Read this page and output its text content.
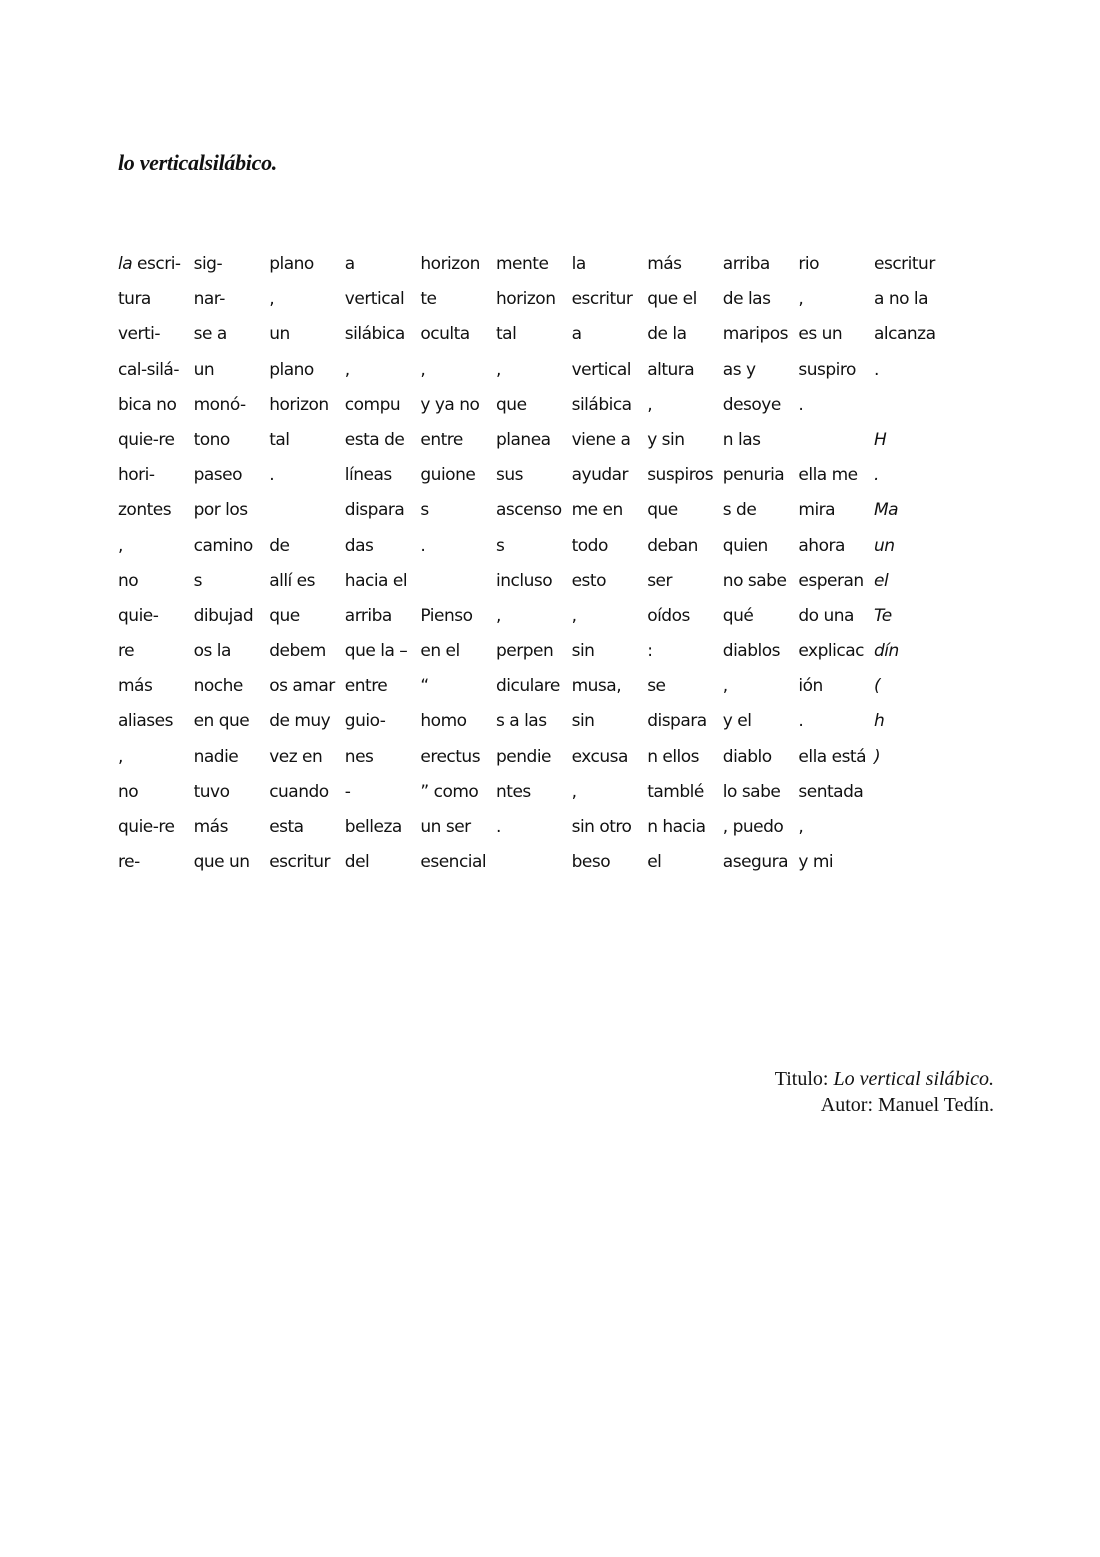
lo verticalsilábico.
la escri-
tura
verti-
cal-silá-
bica no
quie-re
hori-
zontes
,
no
quie-
re
más
aliases
,
no
quie-re
re-
sig-
nar-
se a
un
monó-
tono
paseo
por los
camino
s
dibujad
os la
noche
en que
nadie
tuvo
más
que un
plano
,
un
plano
horizon
tal
.
de
allí es
que
debem
os amar
de muy
vez en
cuando
esta
escritur
a
vertical
silábica
,
compu
esta de
líneas
dispara
das
hacia el
arriba
que la –
entre
guio-
nes
-
belleza
del
horizon
te
oculta
,
y ya no
entre
guione
s
.
Pienso
en el
“
homo
erectus
” como
un ser
esencial
mente
horizon
tal
,
que
planea
sus
ascenso
s
incluso
,
perpen
diculare
s a las
pendie
ntes
.
la
escritur
a
vertical
silábica
viene a
ayudar
me en
todo
esto
,
sin
musa,
sin
excusa
,
sin otro
beso
más
que el
de la
altura
,
y sin
suspiros
que
deban
ser
oídos
:
se
dispara
n ellos
tamblé
n hacia
el
arriba
de las
maripos
as y
desoye
n las
penuria
s de
quien
no sabe
qué
diablos
,
y el
diablo
lo sabe
, puedo
asegura
rio
,
es un
suspiro
.
ella me
mira
ahora
esperan
do una
explicac
ión
.
ella está
sentada
,
y mi
escritur
a no la
alcanza
.
H
.
Ma
un
el
Te
dín
(
h
)
Titulo: Lo vertical silábico.
Autor: Manuel Tedín.
